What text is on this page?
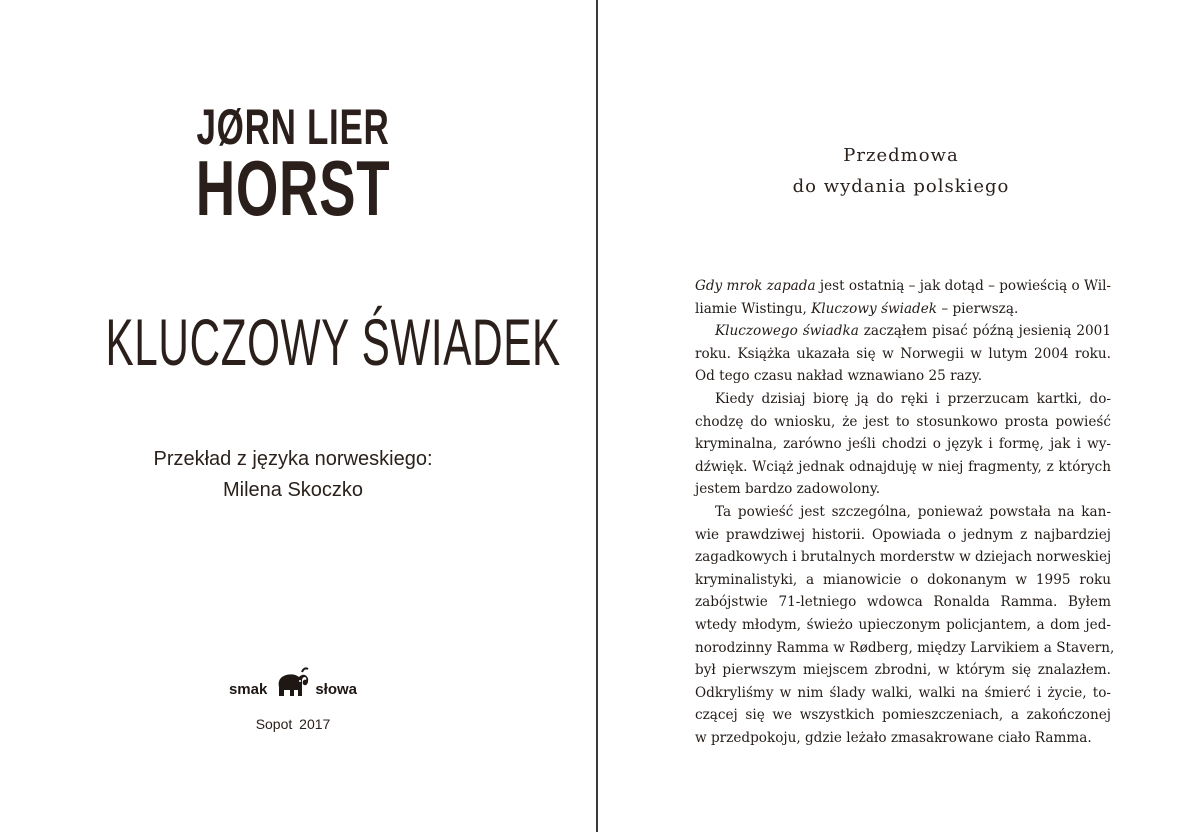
JØRN LIER
HORST
KLUCZOWY ŚWIADEK
Przekład z języka norweskiego:
Milena Skoczko
smak	słowa
Sopot 2017
Przedmowa
do wydania polskiego
Gdy mrok zapada jest ostatnią – jak dotąd – powieścią o Wil-
liamie Wistingu, Kluczowy świadek – pierwszą.
Kluczowego świadka zacząłem pisać późną jesienią 2001
roku. Książka ukazała się w Norwegii w lutym 2004 roku.
Od tego czasu nakład wznawiano 25 razy.
Kiedy dzisiaj biorę ją do ręki i przerzucam kartki, do-
chodzę do wniosku, że jest to stosunkowo prosta powieść
kryminalna, zarówno jeśli chodzi o język i formę, jak i wy-
dźwięk. Wciąż jednak odnajduję w niej fragmenty, z których
jestem bardzo zadowolony.
Ta powieść jest szczególna, ponieważ powstała na kan-
wie prawdziwej historii. Opowiada o jednym z najbardziej
zagadkowych i brutalnych morderstw w dziejach norweskiej
kryminalistyki, a mianowicie o dokonanym w 1995 roku
zabójstwie 71-letniego wdowca Ronalda Ramma. Byłem
wtedy młodym, świeżo upieczonym policjantem, a dom jed-
norodzinny Ramma w Rødberg, między Larvikiem a Stavern,
był pierwszym miejscem zbrodni, w którym się znalazłem.
Odkryliśmy w nim ślady walki, walki na śmierć i życie, to-
czącej się we wszystkich pomieszczeniach, a zakończonej
w przedpokoju, gdzie leżało zmasakrowane ciało Ramma.
